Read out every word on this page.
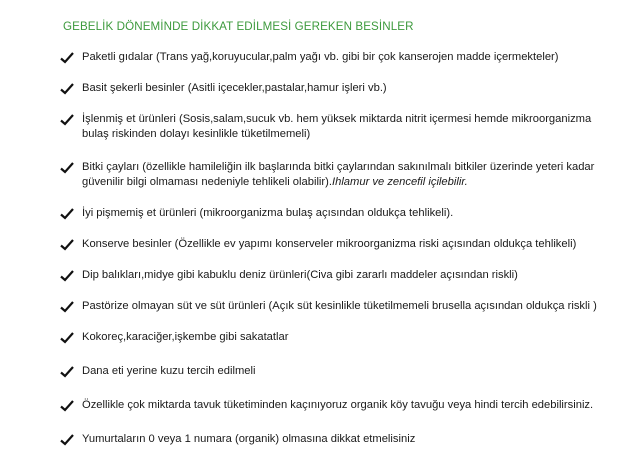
GEBELİK DÖNEMİNDE DİKKAT EDİLMESİ GEREKEN BESİNLER
Paketli gıdalar (Trans yağ,koruyucular,palm yağı vb. gibi bir çok kanserojen madde içermekteler)
Basit şekerli besinler (Asitli içecekler,pastalar,hamur işleri vb.)
İşlenmiş et ürünleri (Sosis,salam,sucuk vb. hem yüksek miktarda nitrit içermesi hemde mikroorganizma
bulaş riskinden dolayı kesinlikle tüketilmemeli)
Bitki çayları (özellikle hamileliğin ilk başlarında bitki çaylarından sakınılmalı bitkiler üzerinde yeteri kadar
güvenilir bilgi olmaması nedeniyle tehlikeli olabilir).Ihlamur ve zencefil içilebilir.
İyi pişmemiş et ürünleri (mikroorganizma bulaş açısından oldukça tehlikeli).
Konserve besinler (Özellikle ev yapımı konserveler mikroorganizma riski açısından oldukça tehlikeli)
Dip balıkları,midye gibi kabuklu deniz ürünleri(Civa gibi zararlı maddeler açısından riskli)
Pastörize olmayan süt ve süt ürünleri (Açık süt kesinlikle tüketilmemeli brusella açısından oldukça riskli )
Kokoreç,karaciğer,işkembe gibi sakatatlar
Dana eti yerine kuzu tercih edilmeli
Özellikle çok miktarda tavuk tüketiminden kaçınıyoruz organik köy tavuğu veya hindi tercih edebilirsiniz.
Yumurtaların 0 veya 1 numara (organik) olmasına dikkat etmelisiniz
